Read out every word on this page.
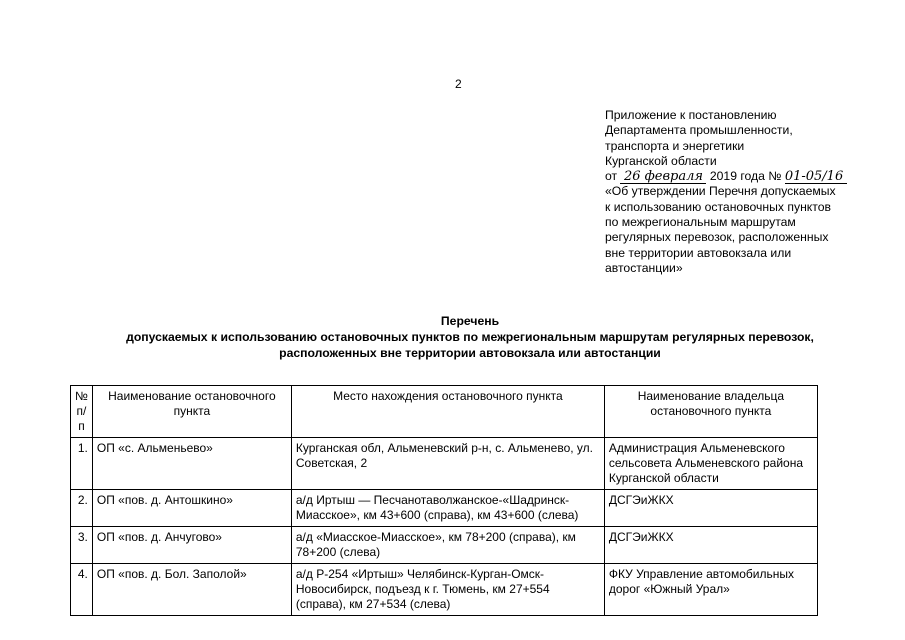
2
Приложение к постановлению
Департамента промышленности,
транспорта и энергетики
Курганской области
от 26 февраля 2019 года № 01-05/16
«Об утверждении Перечня допускаемых
к использованию остановочных пунктов
по межрегиональным маршрутам
регулярных перевозок, расположенных
вне территории автовокзала или
автостанции»
Перечень
допускаемых к использованию остановочных пунктов по межрегиональным маршрутам регулярных перевозок,
расположенных вне территории автовокзала или автостанции
№ п/п	Наименование остановочного пункта	Место нахождения остановочного пункта	Наименование владельца остановочного пункта
1.	ОП «с. Альменьево»	Курганская обл, Альменевский р-н, с. Альменево, ул. Советская, 2	Администрация Альменевского сельсовета Альменевского района Курганской области
2.	ОП «пов. д. Антошкино»	а/д Иртыш — Песчанотаволжанское-«Шадринск-Миасское», км 43+600 (справа), км 43+600 (слева)	ДСГЭиЖКХ
3.	ОП «пов. д. Анчугово»	а/д «Миасское-Миасское», км 78+200 (справа), км 78+200 (слева)	ДСГЭиЖКХ
4.	ОП «пов. д. Бол. Заполой»	а/д Р-254 «Иртыш» Челябинск-Курган-Омск-Новосибирск, подъезд к г. Тюмень, км 27+554 (справа), км 27+534 (слева)	ФКУ Управление автомобильных дорог «Южный Урал»
